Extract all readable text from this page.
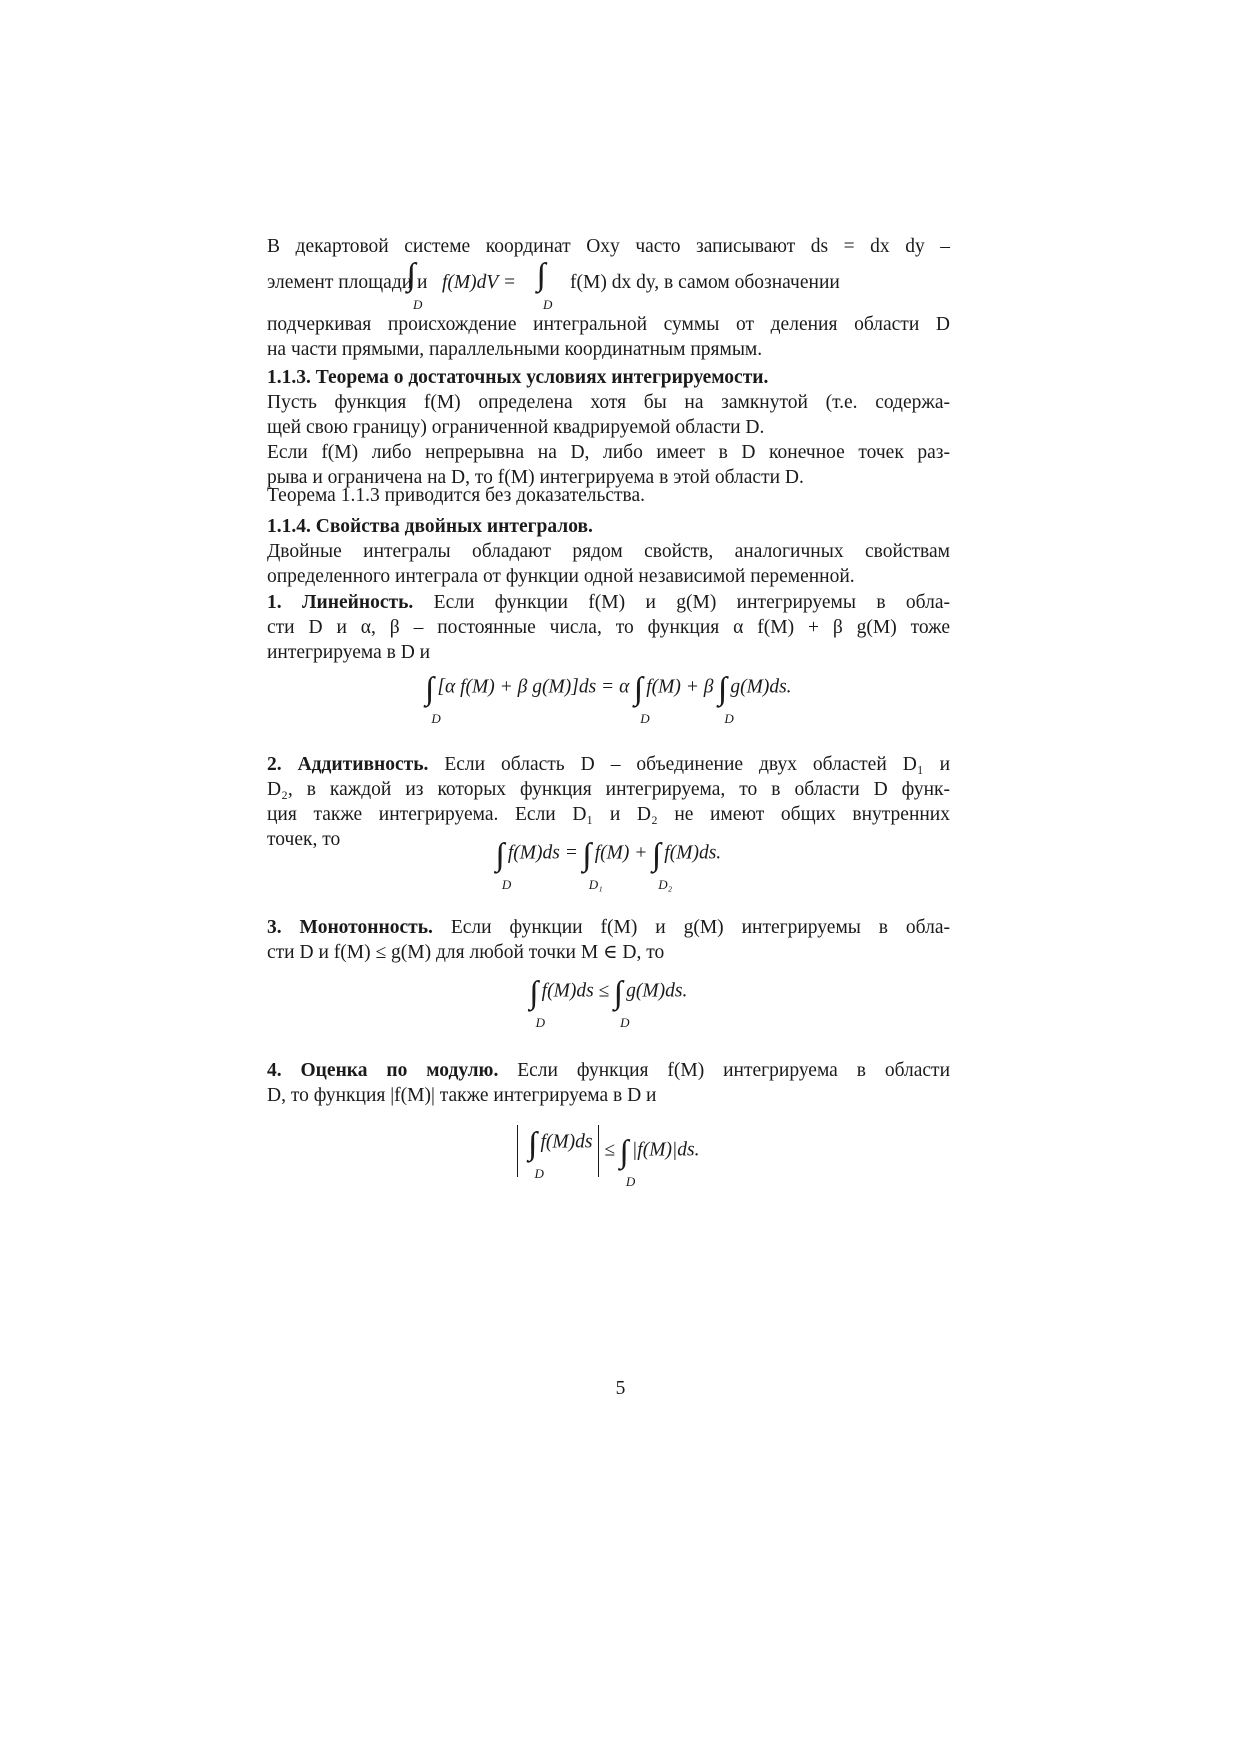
В декартовой системе координат Oxy часто записывают ds = dx dy –
элемент площади и
D
f(M)dV =
D
f(M) dx dy, в самом обозначении
подчеркивая происхождение интегральной суммы от деления области D
на части прямыми, параллельными координатным прямым.
1.1.3. Теорема о достаточных условиях интегрируемости.
Пусть функция f(M) определена хотя бы на замкнутой (т.е. содержа-
щей свою границу) ограниченной квадрируемой области D.
Если f(M) либо непрерывна на D, либо имеет в D конечное точек раз-
рыва и ограничена на D, то f(M) интегрируема в этой области D.
Теорема 1.1.3 приводится без доказательства.
1.1.4. Свойства двойных интегралов.
Двойные интегралы обладают рядом свойств, аналогичных свойствам
определенного интеграла от функции одной независимой переменной.
1. Линейность. Если функции f(M) и g(M) интегрируемы в обла-
сти D и α, β – постоянные числа, то функция α f(M) + β g(M) тоже
интегрируема в D и
D
[α f(M) + β g(M)]ds = α
D
f(M) + β
D
g(M)ds.
2. Аддитивность. Если область D – объединение двух областей D₁ и
D₂, в каждой из которых функция интегрируема, то в области D функ-
ция также интегрируема. Если D₁ и D₂ не имеют общих внутренних
точек, то
D
f(M)ds =
D₁
f(M) +
D₂
f(M)ds.
3. Монотонность. Если функции f(M) и g(M) интегрируемы в обла-
сти D и f(M) ≤ g(M) для любой точки M ∈ D, то
D
f(M)ds ≤
D
g(M)ds.
4. Оценка по модулю. Если функция f(M) интегрируема в области
D, то функция |f(M)| также интегрируема в D и
D
f(M)ds ≤
D
|f(M)|ds.
5
